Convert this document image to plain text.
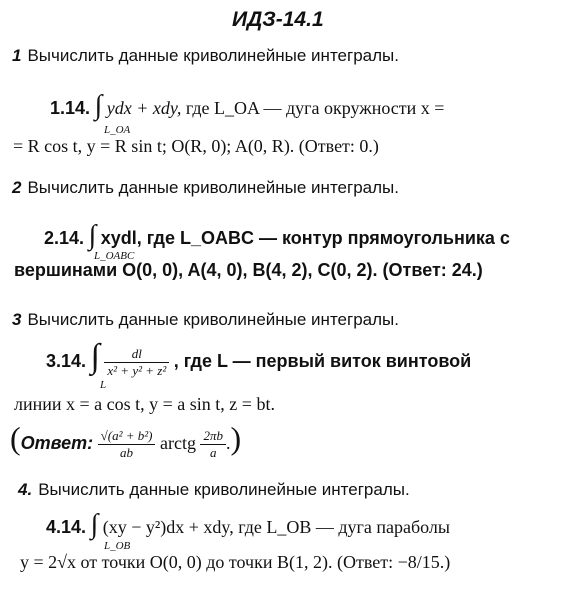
ИДЗ-14.1
1 Вычислить данные криволинейные интегралы.
1.14. ∫ ydx + xdy, где L_OA — дуга окружности x =
L_OA
= R cos t, y = R sin t; O(R, 0); A(0, R). (Ответ: 0.)
2 Вычислить данные криволинейные интегралы.
2.14. ∫ xydl, где L_OABC — контур прямоугольника с
L_OABC
вершинами O(0, 0), A(4, 0), B(4, 2), C(0, 2). (Ответ: 24.)
3 Вычислить данные криволинейные интегралы.
3.14. ∫ $\frac{dl}{\text{x² + y² + z²}}$ , где L — первый виток винтовой
L
линии x = a cos t, y = a sin t, z = bt.
(Ответ: $\frac{\text{√(a² + b²)}}{ab}$ arctg $\frac{2\pi b}{a}$ .)
4. Вычислить данные криволинейные интегралы.
4.14. ∫ (xy − y²)dx + xdy, где L_OB — дуга параболы
L_OB
y = 2√x от точки O(0, 0) до точки B(1, 2). (Ответ: −8/15.)
